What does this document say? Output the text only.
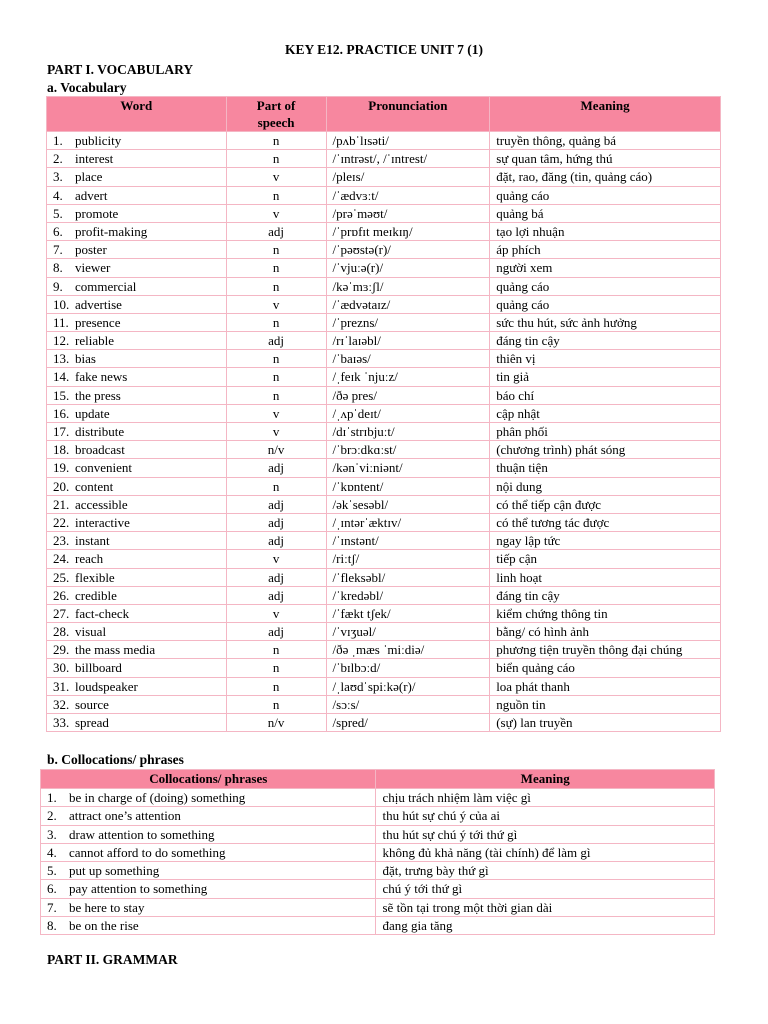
KEY E12. PRACTICE UNIT 7 (1)
PART I. VOCABULARY
a. Vocabulary
Word	Part of speech	Pronunciation	Meaning
1. publicity	n	/pʌbˈlɪsəti/	truyền thông, quảng bá
2. interest	n	/ˈɪntrəst/, /ˈɪntrest/	sự quan tâm, hứng thú
3. place	v	/pleɪs/	đặt, rao, đăng (tin, quảng cáo)
4. advert	n	/ˈædvɜːt/	quảng cáo
5. promote	v	/prəˈməʊt/	quảng bá
6. profit-making	adj	/ˈprɒfɪt meɪkɪŋ/	tạo lợi nhuận
7. poster	n	/ˈpəʊstə(r)/	áp phích
8. viewer	n	/ˈvjuːə(r)/	người xem
9. commercial	n	/kəˈmɜːʃl/	quảng cáo
10. advertise	v	/ˈædvətaɪz/	quảng cáo
11. presence	n	/ˈprezns/	sức thu hút, sức ảnh hưởng
12. reliable	adj	/rɪˈlaɪəbl/	đáng tin cậy
13. bias	n	/ˈbaɪəs/	thiên vị
14. fake news	n	/ˌfeɪk ˈnjuːz/	tin giả
15. the press	n	/ðə pres/	báo chí
16. update	v	/ˌʌpˈdeɪt/	cập nhật
17. distribute	v	/dɪˈstrɪbjuːt/	phân phối
18. broadcast	n/v	/ˈbrɔːdkɑːst/	(chương trình) phát sóng
19. convenient	adj	/kənˈviːniənt/	thuận tiện
20. content	n	/ˈkɒntent/	nội dung
21. accessible	adj	/əkˈsesəbl/	có thể tiếp cận được
22. interactive	adj	/ˌɪntərˈæktɪv/	có thể tương tác được
23. instant	adj	/ˈɪnstənt/	ngay lập tức
24. reach	v	/riːtʃ/	tiếp cận
25. flexible	adj	/ˈfleksəbl/	linh hoạt
26. credible	adj	/ˈkredəbl/	đáng tin cậy
27. fact-check	v	/ˈfækt tʃek/	kiểm chứng thông tin
28. visual	adj	/ˈvɪʒuəl/	bằng/ có hình ảnh
29. the mass media	n	/ðə ˌmæs ˈmiːdiə/	phương tiện truyền thông đại chúng
30. billboard	n	/ˈbɪlbɔːd/	biển quảng cáo
31. loudspeaker	n	/ˌlaʊdˈspiːkə(r)/	loa phát thanh
32. source	n	/sɔːs/	nguồn tin
33. spread	n/v	/spred/	(sự) lan truyền
b. Collocations/ phrases
Collocations/ phrases	Meaning
1. be in charge of (doing) something	chịu trách nhiệm làm việc gì
2. attract one’s attention	thu hút sự chú ý của ai
3. draw attention to something	thu hút sự chú ý tới thứ gì
4. cannot afford to do something	không đủ khả năng (tài chính) để làm gì
5. put up something	đặt, trưng bày thứ gì
6. pay attention to something	chú ý tới thứ gì
7. be here to stay	sẽ tồn tại trong một thời gian dài
8. be on the rise	đang gia tăng
PART II. GRAMMAR
